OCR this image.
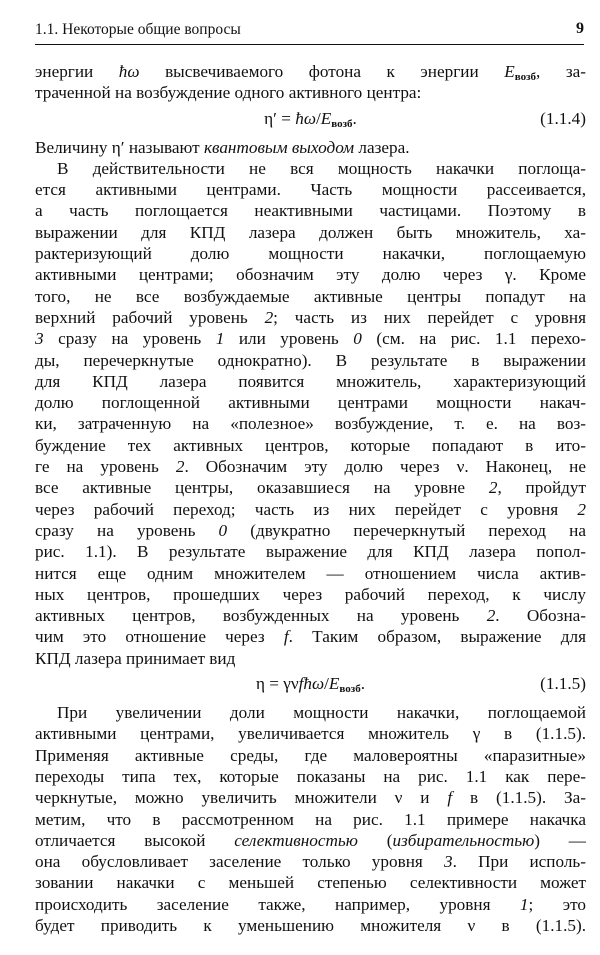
1.1. Некоторые общие вопросы	9
энергии ħω высвечиваемого фотона к энергии Eвозб, за-
траченной на возбуждение одного активного центра:
η′ = ħω/Eвозб.	(1.1.4)
Величину η′ называют квантовым выходом лазера.
В действительности не вся мощность накачки поглоща-
ется активными центрами. Часть мощности рассеивается,
а часть поглощается неактивными частицами. Поэтому в
выражении для КПД лазера должен быть множитель, ха-
рактеризующий долю мощности накачки, поглощаемую
активными центрами; обозначим эту долю через γ. Кроме
того, не все возбуждаемые активные центры попадут на
верхний рабочий уровень 2; часть из них перейдет с уровня
3 сразу на уровень 1 или уровень 0 (см. на рис. 1.1 перехо-
ды, перечеркнутые однократно). В результате в выражении
для КПД лазера появится множитель, характеризующий
долю поглощенной активными центрами мощности накач-
ки, затраченную на «полезное» возбуждение, т. е. на воз-
буждение тех активных центров, которые попадают в ито-
ге на уровень 2. Обозначим эту долю через ν. Наконец, не
все активные центры, оказавшиеся на уровне 2, пройдут
через рабочий переход; часть из них перейдет с уровня 2
сразу на уровень 0 (двукратно перечеркнутый переход на
рис. 1.1). В результате выражение для КПД лазера попол-
нится еще одним множителем — отношением числа актив-
ных центров, прошедших через рабочий переход, к числу
активных центров, возбужденных на уровень 2. Обозна-
чим это отношение через f. Таким образом, выражение для
КПД лазера принимает вид
η = γνfħω/Eвозб.	(1.1.5)
При увеличении доли мощности накачки, поглощаемой
активными центрами, увеличивается множитель γ в (1.1.5).
Применяя активные среды, где маловероятны «паразитные»
переходы типа тех, которые показаны на рис. 1.1 как пере-
черкнутые, можно увеличить множители ν и f в (1.1.5). За-
метим, что в рассмотренном на рис. 1.1 примере накачка
отличается высокой селективностью (избирательностью) —
она обусловливает заселение только уровня 3. При исполь-
зовании накачки с меньшей степенью селективности может
происходить заселение также, например, уровня 1; это
будет приводить к уменьшению множителя ν в (1.1.5).
